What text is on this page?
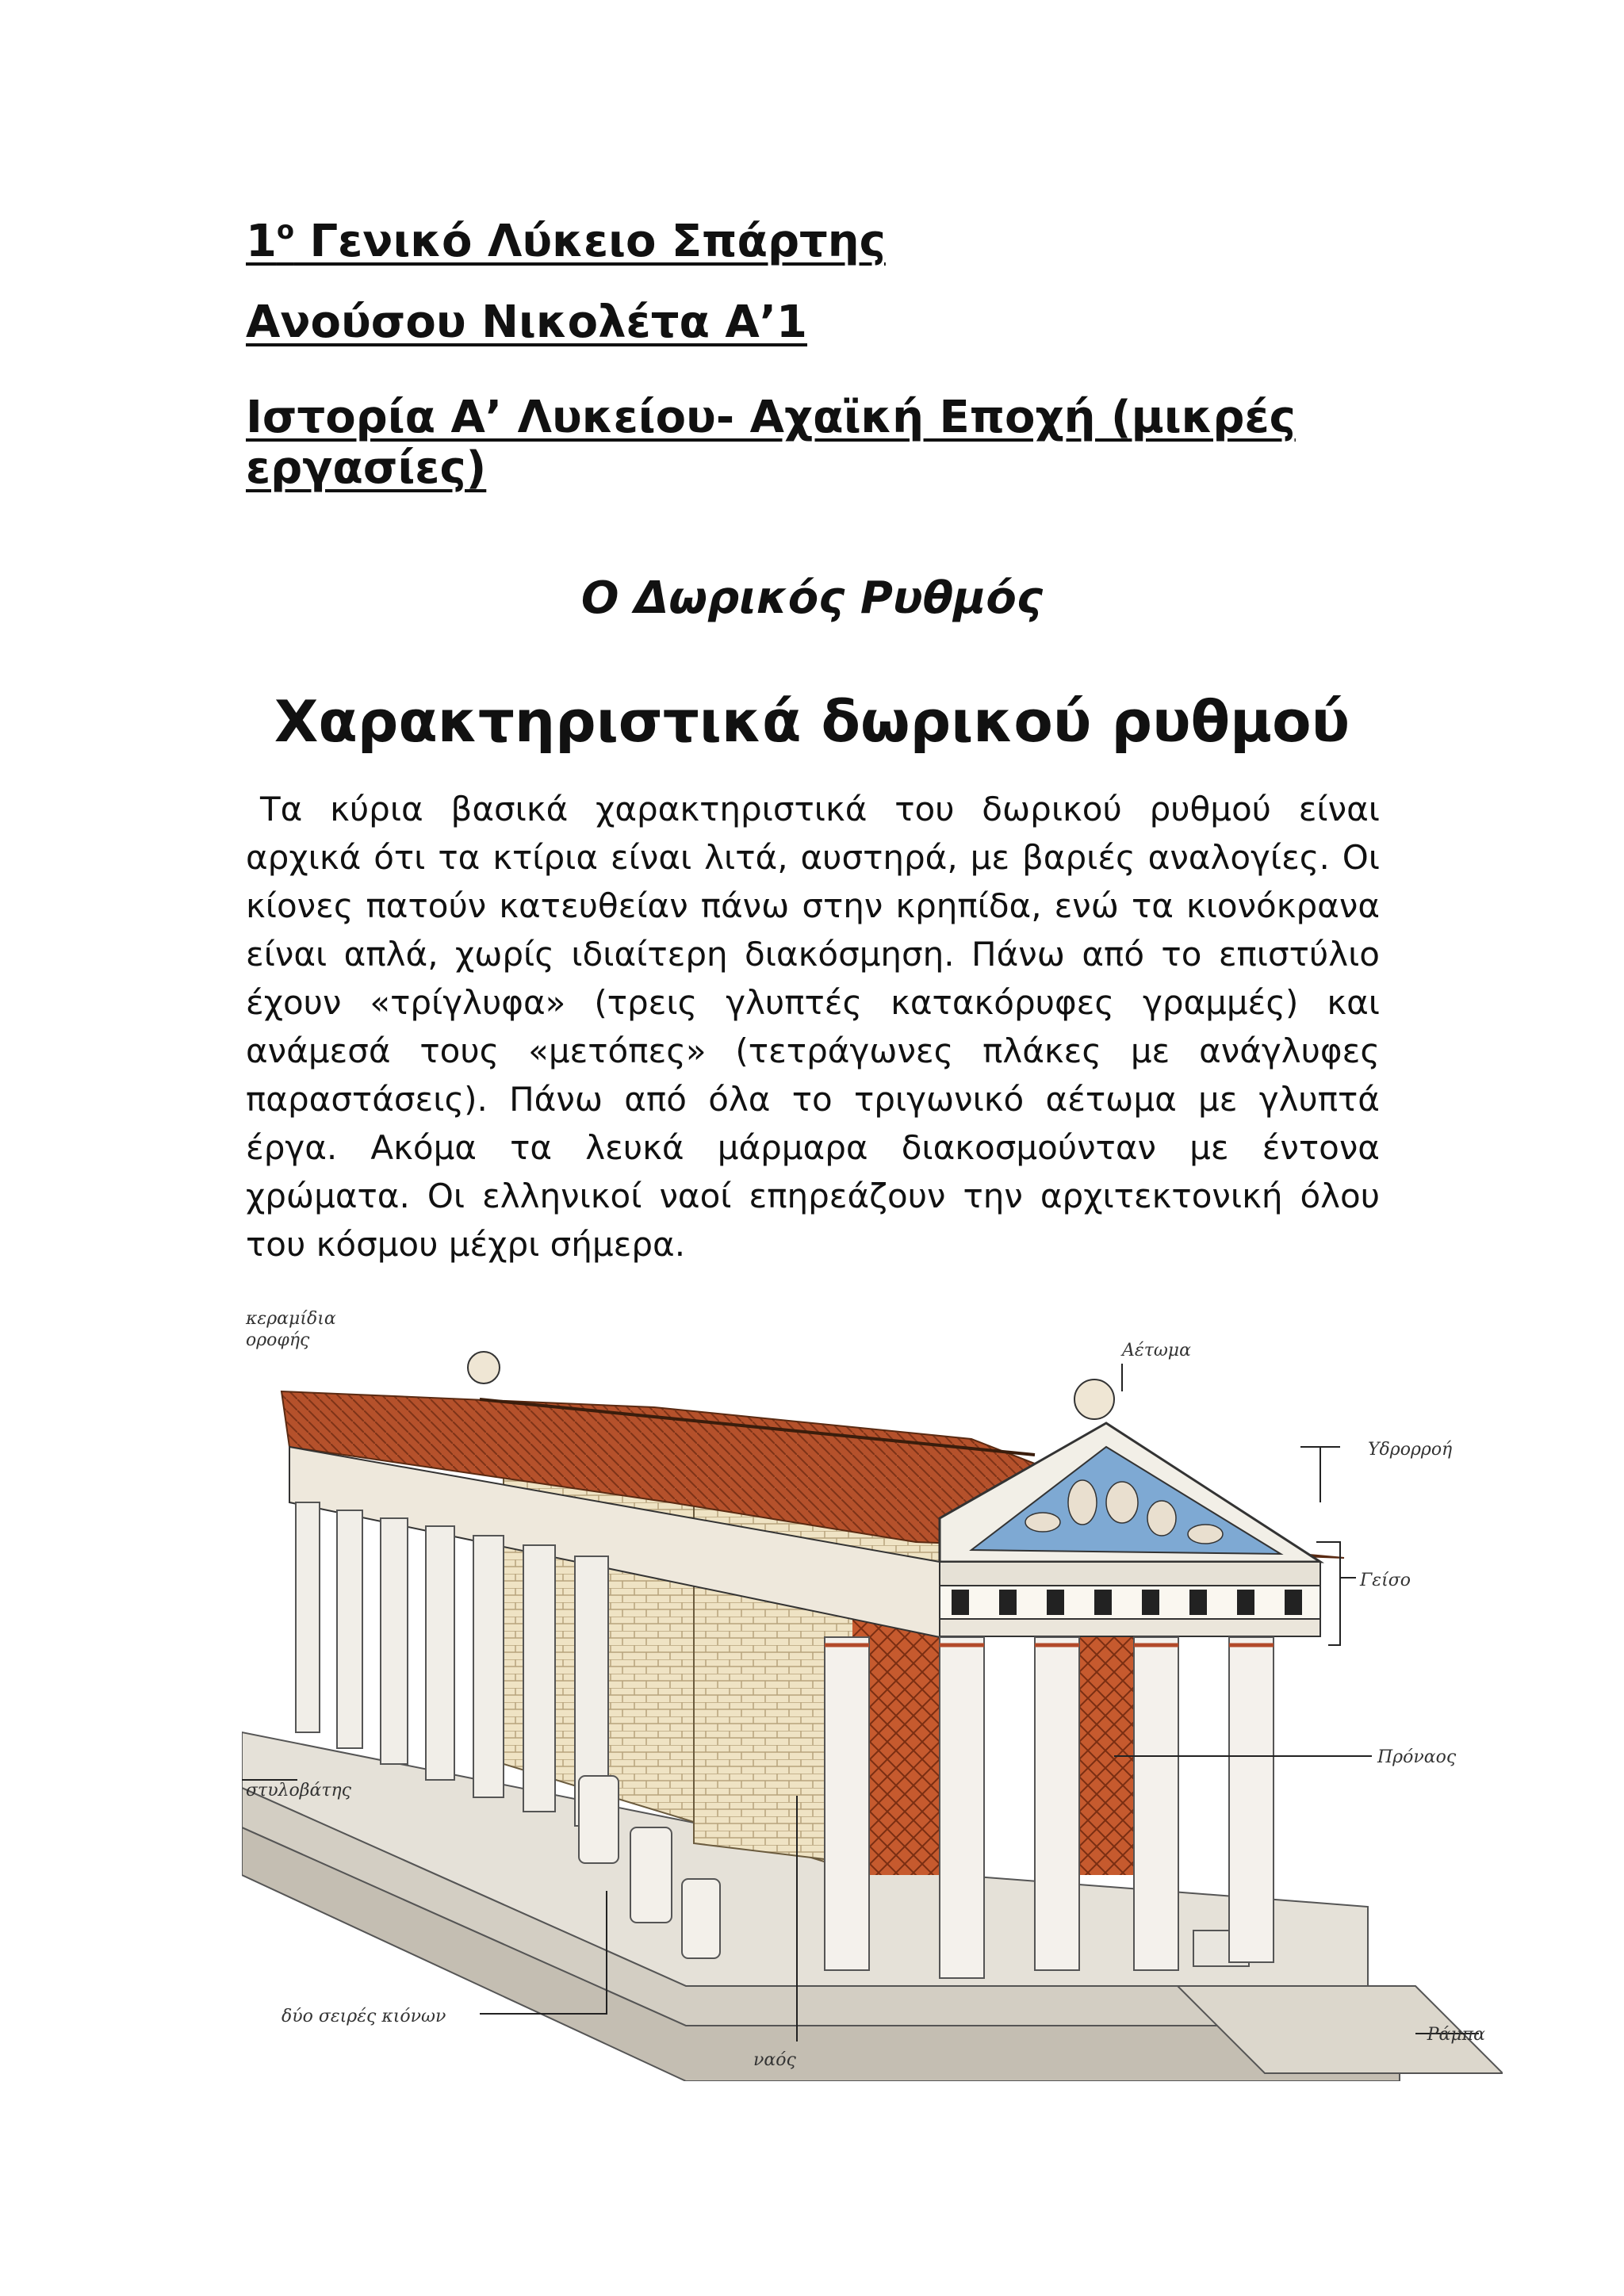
$1^o$ Γενικό Λύκειο Σπάρτης
Ανούσου Νικολέτα Α’1
Ιστορία Α’ Λυκείου- Αχαϊκή Εποχή (μικρές εργασίες)
Ο Δωρικός Ρυθμός
Χαρακτηριστικά δωρικού ρυθμού

Τα κύρια βασικά χαρακτηριστικά του δωρικού ρυθμού είναι αρχικά ότι τα κτίρια είναι λιτά, αυστηρά, με βαριές αναλογίες. Οι κίονες πατούν κατευθείαν πάνω στην κρηπίδα, ενώ τα κιονόκρανα είναι απλά, χωρίς ιδιαίτερη διακόσμηση. Πάνω από το επιστύλιο έχουν «τρίγλυφα» (τρεις γλυπτές κατακόρυφες γραμμές) και ανάμεσά τους «μετόπες» (τετράγωνες πλάκες με ανάγλυφες παραστάσεις). Πάνω από όλα το τριγωνικό αέτωμα με γλυπτά έργα. Ακόμα τα λευκά μάρμαρα διακοσμούνταν με έντονα χρώματα. Οι ελληνικοί ναοί επηρεάζουν την αρχιτεκτονική όλου του κόσμου μέχρι σήμερα.

κεραμίδια
οροφής
Αέτωμα
Υδρορροή
Γείσο
Πρόναος
στυλοβάτης
δύο σειρές κιόνων
ναός
Ράμπα
